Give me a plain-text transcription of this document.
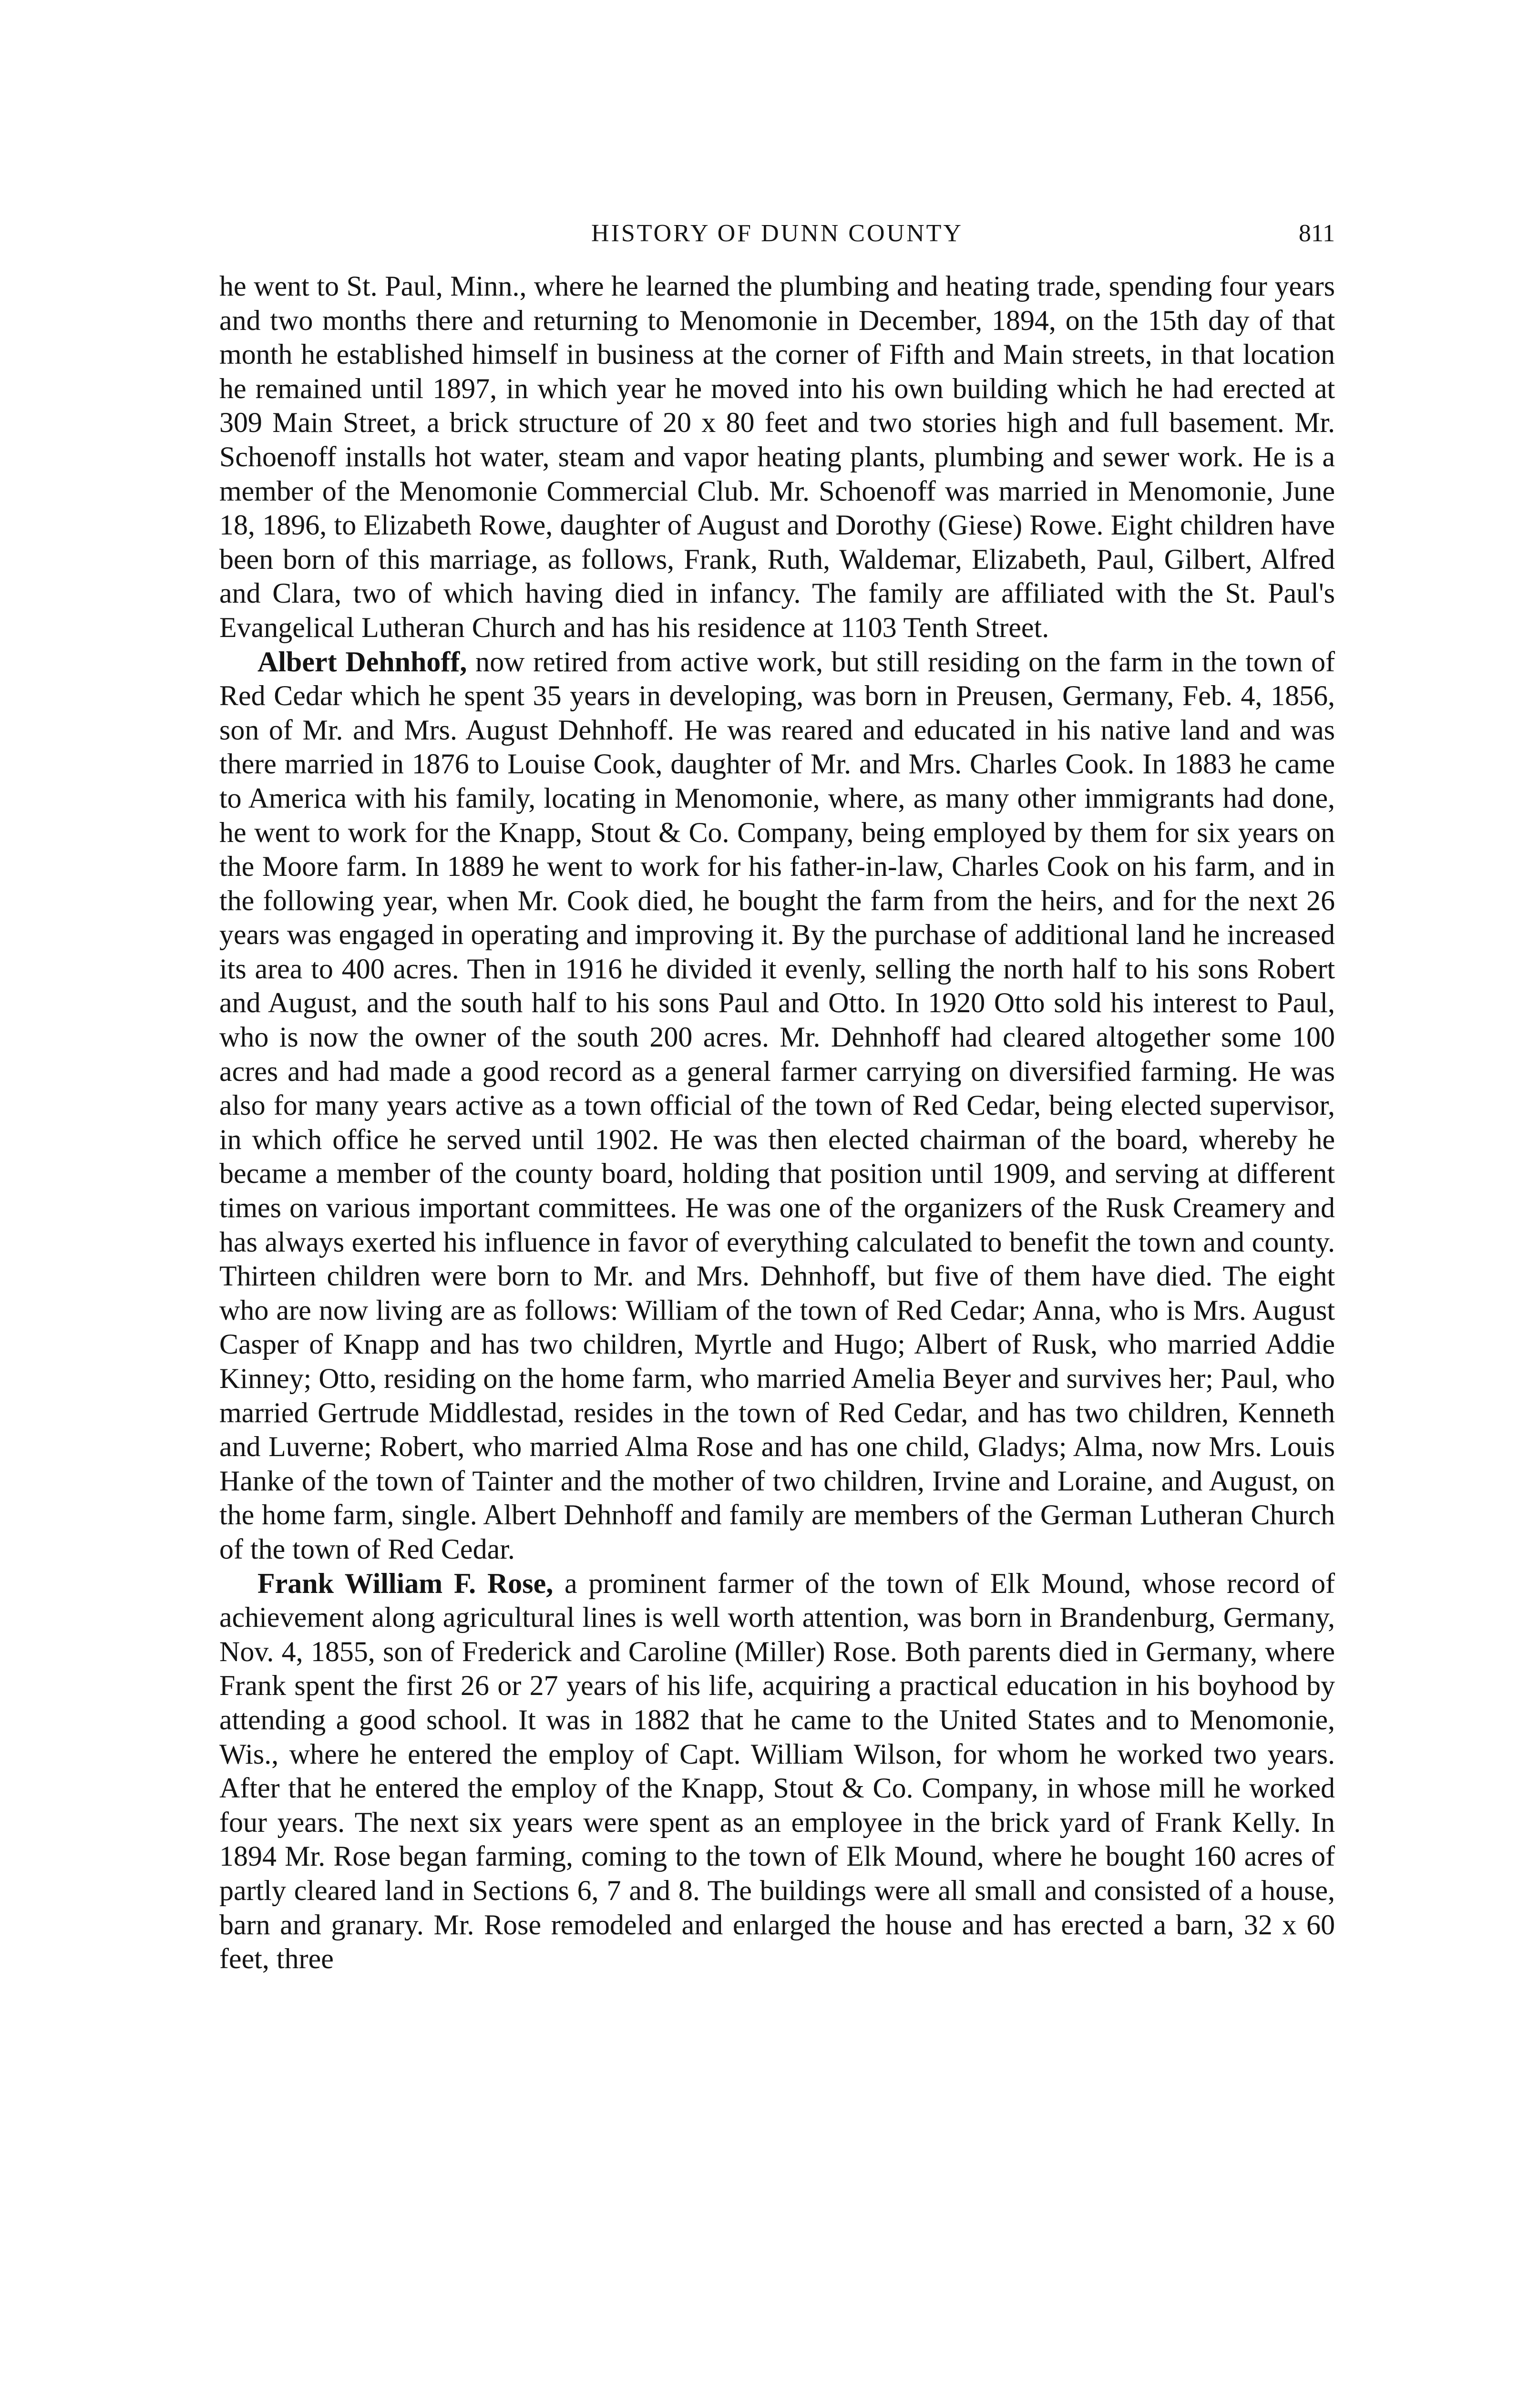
HISTORY OF DUNN COUNTY	811

he went to St. Paul, Minn., where he learned the plumbing and heating trade, spending four years and two months there and returning to Menomonie in December, 1894, on the 15th day of that month he established himself in business at the corner of Fifth and Main streets, in that location he remained until 1897, in which year he moved into his own building which he had erected at 309 Main Street, a brick structure of 20 x 80 feet and two stories high and full basement. Mr. Schoenoff installs hot water, steam and vapor heating plants, plumbing and sewer work. He is a member of the Menomonie Commercial Club. Mr. Schoenoff was married in Menomonie, June 18, 1896, to Elizabeth Rowe, daughter of August and Dorothy (Giese) Rowe. Eight children have been born of this marriage, as follows, Frank, Ruth, Waldemar, Elizabeth, Paul, Gilbert, Alfred and Clara, two of which having died in infancy. The family are affiliated with the St. Paul's Evangelical Lutheran Church and has his residence at 1103 Tenth Street.

Albert Dehnhoff, now retired from active work, but still residing on the farm in the town of Red Cedar which he spent 35 years in developing, was born in Preusen, Germany, Feb. 4, 1856, son of Mr. and Mrs. August Dehnhoff. He was reared and educated in his native land and was there married in 1876 to Louise Cook, daughter of Mr. and Mrs. Charles Cook. In 1883 he came to America with his family, locating in Menomonie, where, as many other immigrants had done, he went to work for the Knapp, Stout & Co. Company, being employed by them for six years on the Moore farm. In 1889 he went to work for his father-in-law, Charles Cook on his farm, and in the following year, when Mr. Cook died, he bought the farm from the heirs, and for the next 26 years was engaged in operating and improving it. By the purchase of additional land he increased its area to 400 acres. Then in 1916 he divided it evenly, selling the north half to his sons Robert and August, and the south half to his sons Paul and Otto. In 1920 Otto sold his interest to Paul, who is now the owner of the south 200 acres. Mr. Dehnhoff had cleared altogether some 100 acres and had made a good record as a general farmer carrying on diversified farming. He was also for many years active as a town official of the town of Red Cedar, being elected supervisor, in which office he served until 1902. He was then elected chairman of the board, whereby he became a member of the county board, holding that position until 1909, and serving at different times on various important committees. He was one of the organizers of the Rusk Creamery and has always exerted his influence in favor of everything calculated to benefit the town and county. Thirteen children were born to Mr. and Mrs. Dehnhoff, but five of them have died. The eight who are now living are as follows: William of the town of Red Cedar; Anna, who is Mrs. August Casper of Knapp and has two children, Myrtle and Hugo; Albert of Rusk, who married Addie Kinney; Otto, residing on the home farm, who married Amelia Beyer and survives her; Paul, who married Gertrude Middlestad, resides in the town of Red Cedar, and has two children, Kenneth and Luverne; Robert, who married Alma Rose and has one child, Gladys; Alma, now Mrs. Louis Hanke of the town of Tainter and the mother of two children, Irvine and Loraine, and August, on the home farm, single. Albert Dehnhoff and family are members of the German Lutheran Church of the town of Red Cedar.

Frank William F. Rose, a prominent farmer of the town of Elk Mound, whose record of achievement along agricultural lines is well worth attention, was born in Brandenburg, Germany, Nov. 4, 1855, son of Frederick and Caroline (Miller) Rose. Both parents died in Germany, where Frank spent the first 26 or 27 years of his life, acquiring a practical education in his boyhood by attending a good school. It was in 1882 that he came to the United States and to Menomonie, Wis., where he entered the employ of Capt. William Wilson, for whom he worked two years. After that he entered the employ of the Knapp, Stout & Co. Company, in whose mill he worked four years. The next six years were spent as an employee in the brick yard of Frank Kelly. In 1894 Mr. Rose began farming, coming to the town of Elk Mound, where he bought 160 acres of partly cleared land in Sections 6, 7 and 8. The buildings were all small and consisted of a house, barn and granary. Mr. Rose remodeled and enlarged the house and has erected a barn, 32 x 60 feet, three
